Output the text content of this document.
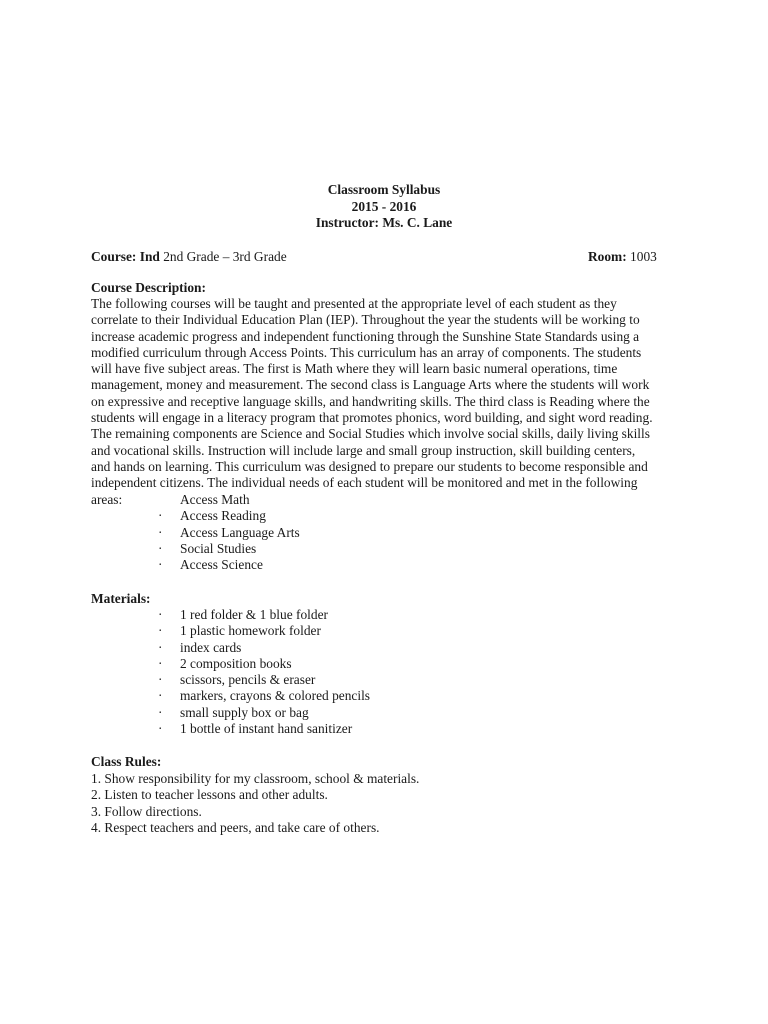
Classroom Syllabus
2015 - 2016
Instructor: Ms. C. Lane
Course: Ind 2nd Grade – 3rd Grade	Room: 1003
Course Description:
The following courses will be taught and presented at the appropriate level of each student as they
correlate to their Individual Education Plan (IEP). Throughout the year the students will be working to
increase academic progress and independent functioning through the Sunshine State Standards using a
modified curriculum through Access Points. This curriculum has an array of components. The students
will have five subject areas. The first is Math where they will learn basic numeral operations, time
management, money and measurement. The second class is Language Arts where the students will work
on expressive and receptive language skills, and handwriting skills. The third class is Reading where the
students will engage in a literacy program that promotes phonics, word building, and sight word reading.
The remaining components are Science and Social Studies which involve social skills, daily living skills
and vocational skills. Instruction will include large and small group instruction, skill building centers,
and hands on learning. This curriculum was designed to prepare our students to become responsible and
independent citizens. The individual needs of each student will be monitored and met in the following
areas:	Access Math
· Access Reading
· Access Language Arts
· Social Studies
· Access Science
Materials:
· 1 red folder & 1 blue folder
· 1 plastic homework folder
· index cards
· 2 composition books
· scissors, pencils & eraser
· markers, crayons & colored pencils
· small supply box or bag
· 1 bottle of instant hand sanitizer
Class Rules:
1. Show responsibility for my classroom, school & materials.
2. Listen to teacher lessons and other adults.
3. Follow directions.
4. Respect teachers and peers, and take care of others.
